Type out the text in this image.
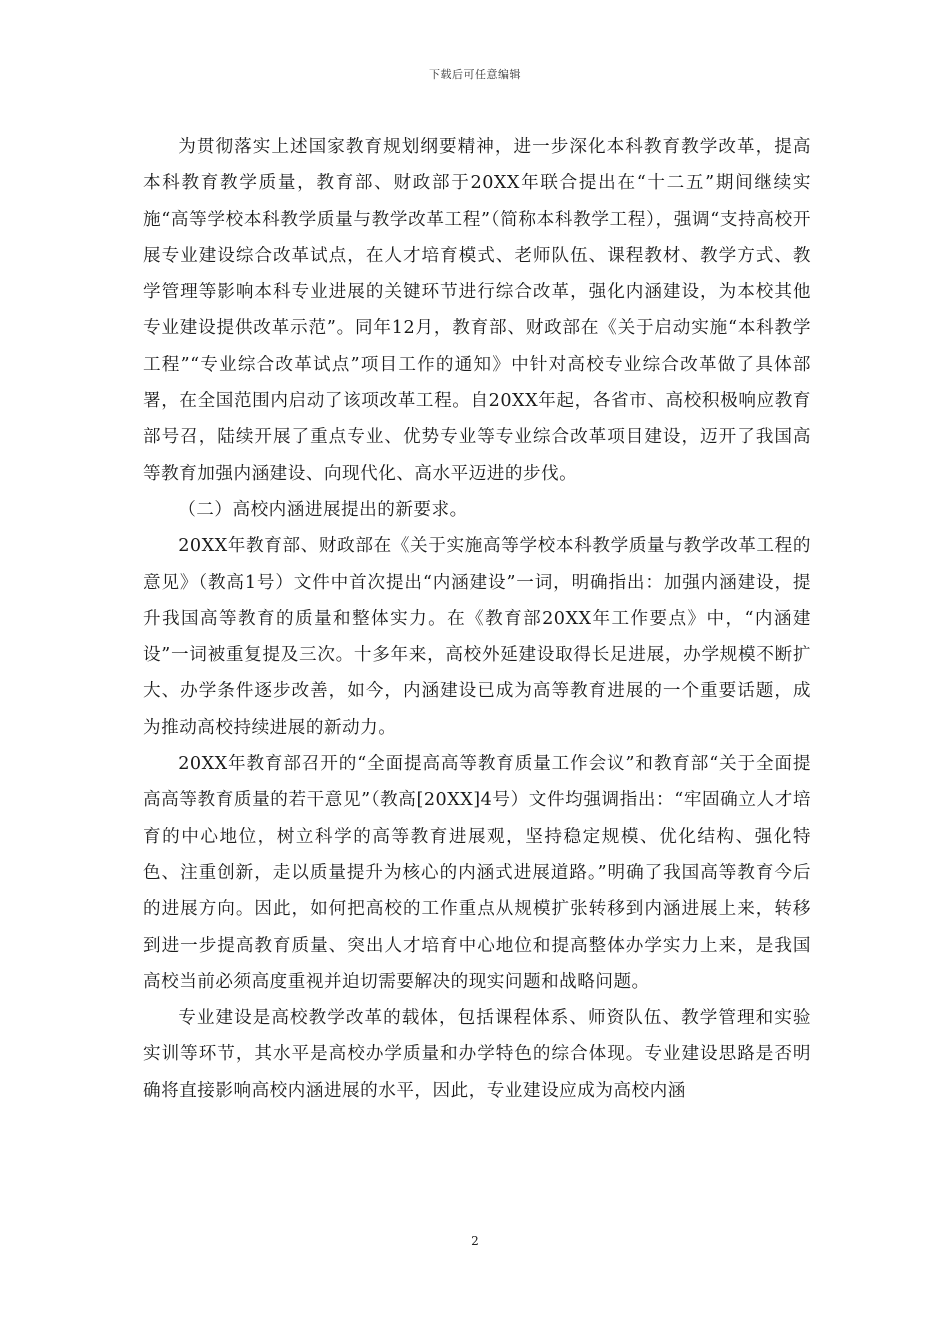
下载后可任意编辑

为贯彻落实上述国家教育规划纲要精神，进一步深化本科教育教学改革，提高本科教育教学质量，教育部、财政部于20XX年联合提出在“十二五”期间继续实施“高等学校本科教学质量与教学改革工程”（简称本科教学工程），强调“支持高校开展专业建设综合改革试点，在人才培育模式、老师队伍、课程教材、教学方式、教学管理等影响本科专业进展的关键环节进行综合改革，强化内涵建设，为本校其他专业建设提供改革示范”。同年12月，教育部、财政部在《关于启动实施“本科教学工程”“专业综合改革试点”项目工作的通知》中针对高校专业综合改革做了具体部署，在全国范围内启动了该项改革工程。自20XX年起，各省市、高校积极响应教育部号召，陆续开展了重点专业、优势专业等专业综合改革项目建设，迈开了我国高等教育加强内涵建设、向现代化、高水平迈进的步伐。

（二）高校内涵进展提出的新要求。

20XX年教育部、财政部在《关于实施高等学校本科教学质量与教学改革工程的意见》（教高1号）文件中首次提出“内涵建设”一词，明确指出：加强内涵建设，提升我国高等教育的质量和整体实力。在《教育部20XX年工作要点》中，“内涵建设”一词被重复提及三次。十多年来，高校外延建设取得长足进展，办学规模不断扩大、办学条件逐步改善，如今，内涵建设已成为高等教育进展的一个重要话题，成为推动高校持续进展的新动力。

20XX年教育部召开的“全面提高高等教育质量工作会议”和教育部“关于全面提高高等教育质量的若干意见”（教高[20XX]4号）文件均强调指出：“牢固确立人才培育的中心地位，树立科学的高等教育进展观，坚持稳定规模、优化结构、强化特色、注重创新，走以质量提升为核心的内涵式进展道路。”明确了我国高等教育今后的进展方向。因此，如何把高校的工作重点从规模扩张转移到内涵进展上来，转移到进一步提高教育质量、突出人才培育中心地位和提高整体办学实力上来，是我国高校当前必须高度重视并迫切需要解决的现实问题和战略问题。

专业建设是高校教学改革的载体，包括课程体系、师资队伍、教学管理和实验实训等环节，其水平是高校办学质量和办学特色的综合体现。专业建设思路是否明确将直接影响高校内涵进展的水平，因此，专业建设应成为高校内涵

2
